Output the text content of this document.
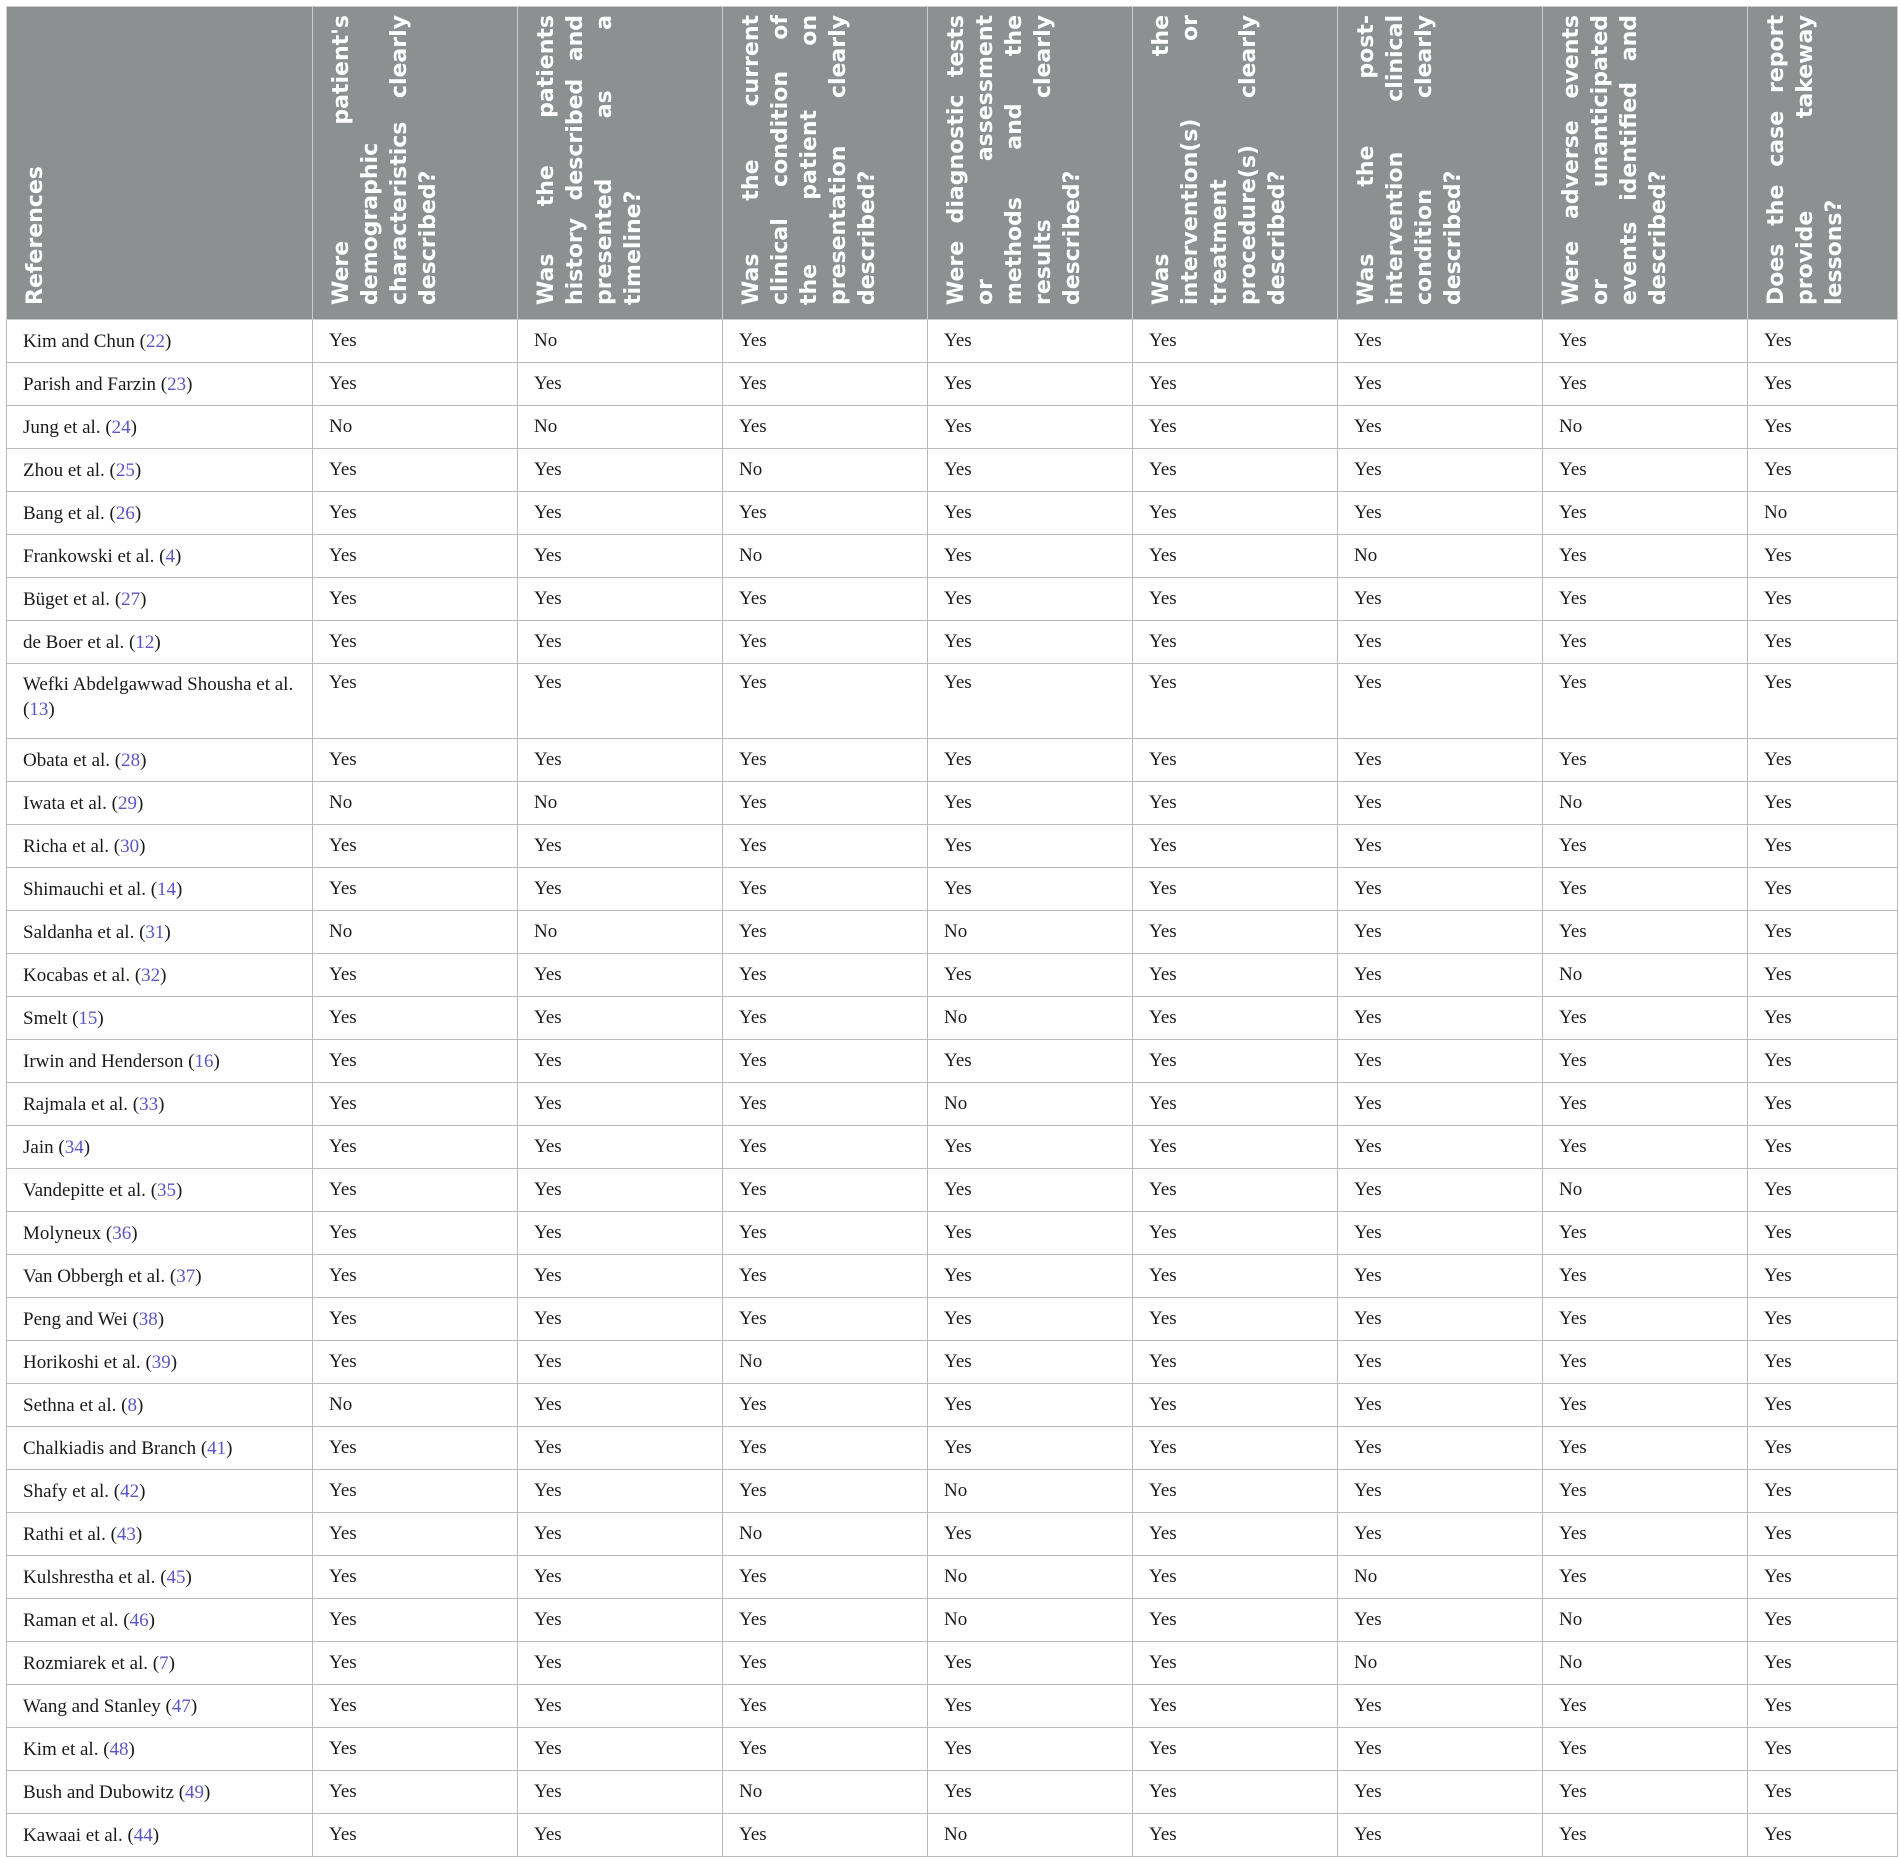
References	Were patient's demographic characteristics clearly described?	Was the patients history described and presented as a timeline?	Was the current clinical condition of the patient on presentation clearly described?	Were diagnostic tests or assessment methods and the results clearly described?	Was the intervention(s) or treatment procedure(s) clearly described?	Was the post-intervention clinical condition clearly described?	Were adverse events or unanticipated events identified and described?	Does the case report provide takeway lessons?

Kim and Chun (22)	Yes	No	Yes	Yes	Yes	Yes	Yes	Yes
Parish and Farzin (23)	Yes	Yes	Yes	Yes	Yes	Yes	Yes	Yes
Jung et al. (24)	No	No	Yes	Yes	Yes	Yes	No	Yes
Zhou et al. (25)	Yes	Yes	No	Yes	Yes	Yes	Yes	Yes
Bang et al. (26)	Yes	Yes	Yes	Yes	Yes	Yes	Yes	No
Frankowski et al. (4)	Yes	Yes	No	Yes	Yes	No	Yes	Yes
Büget et al. (27)	Yes	Yes	Yes	Yes	Yes	Yes	Yes	Yes
de Boer et al. (12)	Yes	Yes	Yes	Yes	Yes	Yes	Yes	Yes
Wefki Abdelgawwad Shousha et al. (13)	Yes	Yes	Yes	Yes	Yes	Yes	Yes	Yes
Obata et al. (28)	Yes	Yes	Yes	Yes	Yes	Yes	Yes	Yes
Iwata et al. (29)	No	No	Yes	Yes	Yes	Yes	No	Yes
Richa et al. (30)	Yes	Yes	Yes	Yes	Yes	Yes	Yes	Yes
Shimauchi et al. (14)	Yes	Yes	Yes	Yes	Yes	Yes	Yes	Yes
Saldanha et al. (31)	No	No	Yes	No	Yes	Yes	Yes	Yes
Kocabas et al. (32)	Yes	Yes	Yes	Yes	Yes	Yes	No	Yes
Smelt (15)	Yes	Yes	Yes	No	Yes	Yes	Yes	Yes
Irwin and Henderson (16)	Yes	Yes	Yes	Yes	Yes	Yes	Yes	Yes
Rajmala et al. (33)	Yes	Yes	Yes	No	Yes	Yes	Yes	Yes
Jain (34)	Yes	Yes	Yes	Yes	Yes	Yes	Yes	Yes
Vandepitte et al. (35)	Yes	Yes	Yes	Yes	Yes	Yes	No	Yes
Molyneux (36)	Yes	Yes	Yes	Yes	Yes	Yes	Yes	Yes
Van Obbergh et al. (37)	Yes	Yes	Yes	Yes	Yes	Yes	Yes	Yes
Peng and Wei (38)	Yes	Yes	Yes	Yes	Yes	Yes	Yes	Yes
Horikoshi et al. (39)	Yes	Yes	No	Yes	Yes	Yes	Yes	Yes
Sethna et al. (8)	No	Yes	Yes	Yes	Yes	Yes	Yes	Yes
Chalkiadis and Branch (41)	Yes	Yes	Yes	Yes	Yes	Yes	Yes	Yes
Shafy et al. (42)	Yes	Yes	Yes	No	Yes	Yes	Yes	Yes
Rathi et al. (43)	Yes	Yes	No	Yes	Yes	Yes	Yes	Yes
Kulshrestha et al. (45)	Yes	Yes	Yes	No	Yes	No	Yes	Yes
Raman et al. (46)	Yes	Yes	Yes	No	Yes	Yes	No	Yes
Rozmiarek et al. (7)	Yes	Yes	Yes	Yes	Yes	No	No	Yes
Wang and Stanley (47)	Yes	Yes	Yes	Yes	Yes	Yes	Yes	Yes
Kim et al. (48)	Yes	Yes	Yes	Yes	Yes	Yes	Yes	Yes
Bush and Dubowitz (49)	Yes	Yes	No	Yes	Yes	Yes	Yes	Yes
Kawaai et al. (44)	Yes	Yes	Yes	No	Yes	Yes	Yes	Yes
